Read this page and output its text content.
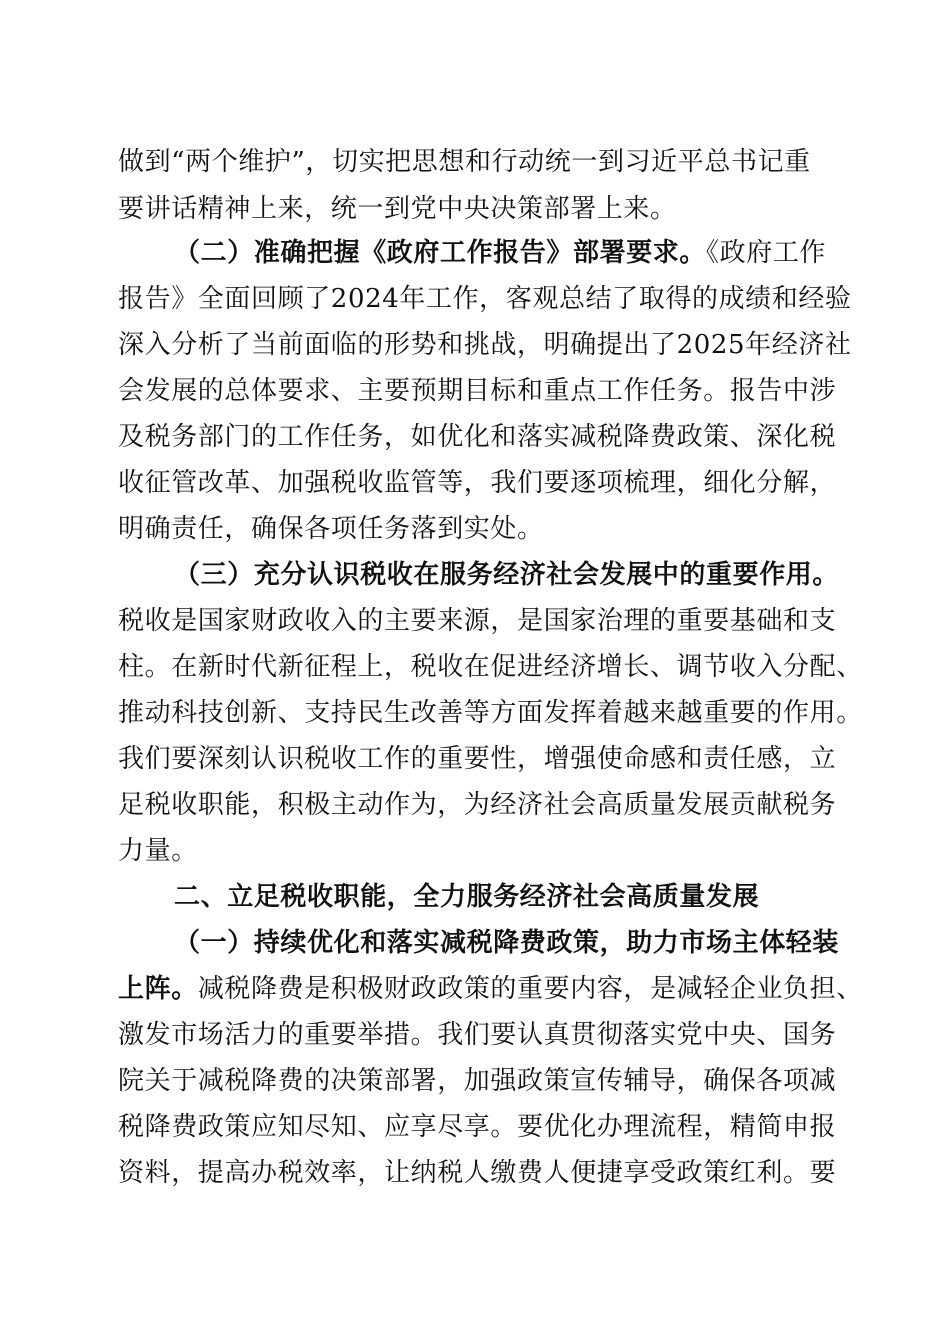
做到“两个维护”，切实把思想和行动统一到习近平总书记重
要讲话精神上来，统一到党中央决策部署上来。
（二）准确把握《政府工作报告》部署要求。《政府工作
报告》全面回顾了2024年工作，客观总结了取得的成绩和经验
深入分析了当前面临的形势和挑战，明确提出了2025年经济社
会发展的总体要求、主要预期目标和重点工作任务。报告中涉
及税务部门的工作任务，如优化和落实减税降费政策、深化税
收征管改革、加强税收监管等，我们要逐项梳理，细化分解，
明确责任，确保各项任务落到实处。
（三）充分认识税收在服务经济社会发展中的重要作用。
税收是国家财政收入的主要来源，是国家治理的重要基础和支
柱。在新时代新征程上，税收在促进经济增长、调节收入分配、
推动科技创新、支持民生改善等方面发挥着越来越重要的作用。
我们要深刻认识税收工作的重要性，增强使命感和责任感，立
足税收职能，积极主动作为，为经济社会高质量发展贡献税务
力量。
二、立足税收职能，全力服务经济社会高质量发展
（一）持续优化和落实减税降费政策，助力市场主体轻装
上阵。减税降费是积极财政政策的重要内容，是减轻企业负担、
激发市场活力的重要举措。我们要认真贯彻落实党中央、国务
院关于减税降费的决策部署，加强政策宣传辅导，确保各项减
税降费政策应知尽知、应享尽享。要优化办理流程，精简申报
资料，提高办税效率，让纳税人缴费人便捷享受政策红利。要
